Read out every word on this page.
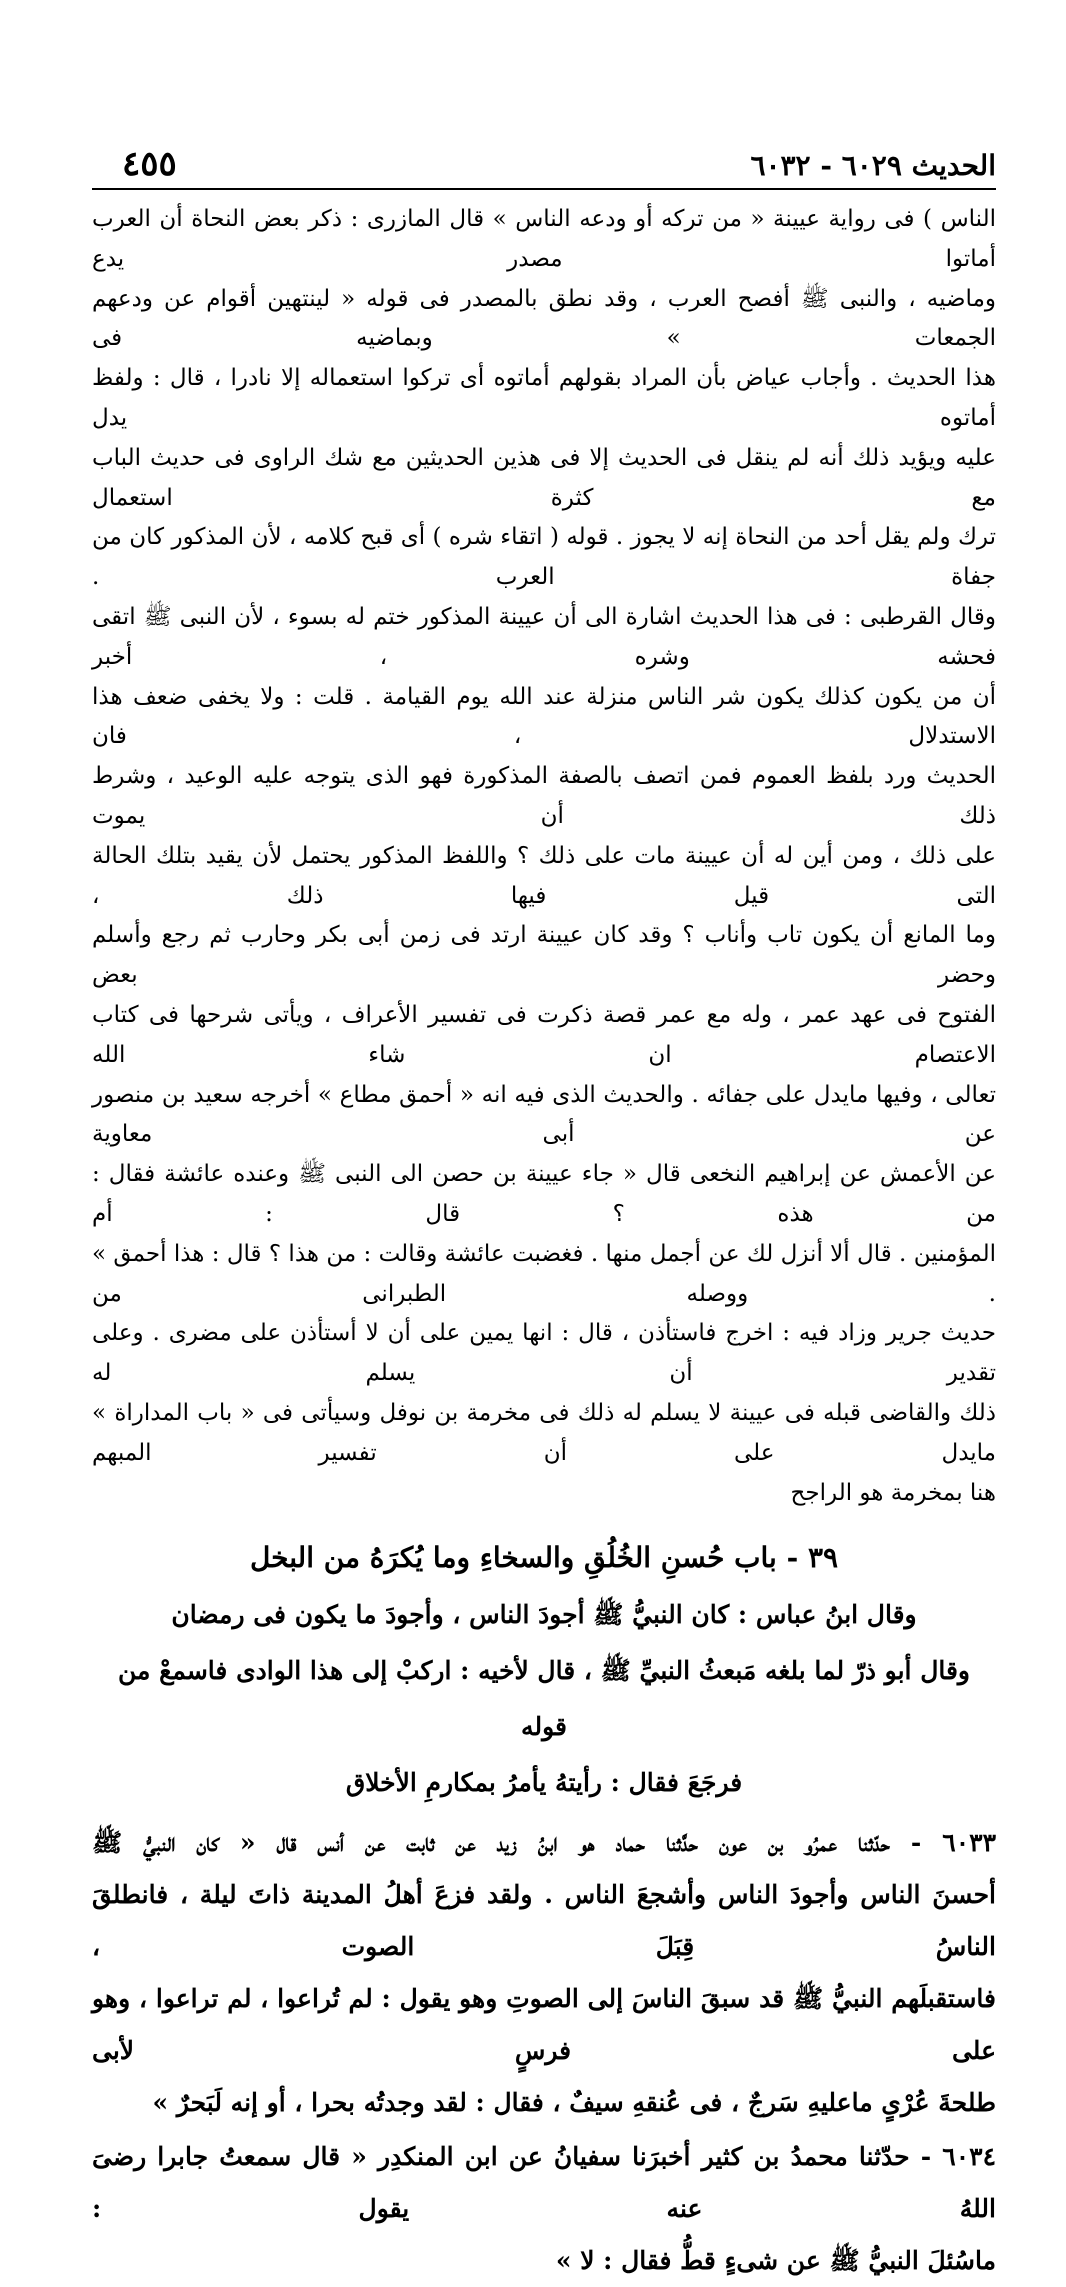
٤٥٥	الحديث ٦٠٢٩ - ٦٠٣٢

الناس ) فى رواية عيينة « من تركه أو ودعه الناس » قال المازرى : ذكر بعض النحاة أن العرب أماتوا مصدر يدع

وماضيه ، والنبى ﷺ أفصح العرب ، وقد نطق بالمصدر فى قوله « لينتهين أقوام عن ودعهم الجمعات » وبماضيه فى

هذا الحديث . وأجاب عياض بأن المراد بقولهم أماتوه أى تركوا استعماله إلا نادرا ، قال : ولفظ أماتوه يدل

عليه ويؤيد ذلك أنه لم ينقل فى الحديث إلا فى هذين الحديثين مع شك الراوى فى حديث الباب مع كثرة استعمال

ترك ولم يقل أحد من النحاة إنه لا يجوز . قوله ( اتقاء شره ) أى قبح كلامه ، لأن المذكور كان من جفاة العرب .

وقال القرطبى : فى هذا الحديث اشارة الى أن عيينة المذكور ختم له بسوء ، لأن النبى ﷺ اتقى فحشه وشره ، أخبر

أن من يكون كذلك يكون شر الناس منزلة عند الله يوم القيامة . قلت : ولا يخفى ضعف هذا الاستدلال ، فان

الحديث ورد بلفظ العموم فمن اتصف بالصفة المذكورة فهو الذى يتوجه عليه الوعيد ، وشرط ذلك أن يموت

على ذلك ، ومن أين له أن عيينة مات على ذلك ؟ واللفظ المذكور يحتمل لأن يقيد بتلك الحالة التى قيل فيها ذلك ،

وما المانع أن يكون تاب وأناب ؟ وقد كان عيينة ارتد فى زمن أبى بكر وحارب ثم رجع وأسلم وحضر بعض

الفتوح فى عهد عمر ، وله مع عمر قصة ذكرت فى تفسير الأعراف ، ويأتى شرحها فى كتاب الاعتصام ان شاء الله

تعالى ، وفيها مايدل على جفائه . والحديث الذى فيه انه « أحمق مطاع » أخرجه سعيد بن منصور عن أبى معاوية

عن الأعمش عن إبراهيم النخعى قال « جاء عيينة بن حصن الى النبى ﷺ وعنده عائشة فقال : من هذه ؟ قال : أم

المؤمنين . قال ألا أنزل لك عن أجمل منها . فغضبت عائشة وقالت : من هذا ؟ قال : هذا أحمق » . ووصله الطبرانى من

حديث جرير وزاد فيه : اخرج فاستأذن ، قال : انها يمين على أن لا أستأذن على مضرى . وعلى تقدير أن يسلم له

ذلك والقاضى قبله فى عيينة لا يسلم له ذلك فى مخرمة بن نوفل وسيأتى فى « باب المداراة » مايدل على أن تفسير المبهم

هنا بمخرمة هو الراجح

٣٩ - باب حُسنِ الخُلُقِ والسخاءِ وما يُكرَهُ من البخل

وقال ابنُ عباس : كان النبيُّ ﷺ أجودَ الناس ، وأجودَ ما يكون فى رمضان

وقال أبو ذرّ لما بلغه مَبعثُ النبيِّ ﷺ ، قال لأخيه : اركبْ إلى هذا الوادى فاسمعْ من قوله

فرجَعَ فقال : رأيتهُ يأمرُ بمكارمِ الأخلاق

٦٠٣٣ - حدّثنا عمرُو بن عون حدَّثنا حماد هو ابنُ زيد عن ثابت عن أنس قال « كان النبيُّ ﷺ

أحسنَ الناس وأجودَ الناس وأشجعَ الناس . ولقد فزعَ أهلُ المدينة ذاتَ ليلة ، فانطلقَ الناسُ قِبَلَ الصوت ،

فاستقبلَهم النبيُّ ﷺ قد سبقَ الناسَ إلى الصوتِ وهو يقول : لم تُراعوا ، لم تراعوا ، وهو على فرسٍ لأبى

طلحةَ عُرْىٍ ماعليهِ سَرجٌ ، فى عُنقهِ سيفٌ ، فقال : لقد وجدتُه بحرا ، أو إنه لَبَحرٌ »

٦٠٣٤ - حدّثنا محمدُ بن كثير أخبرَنا سفيانُ عن ابن المنكدِر « قال سمعتُ جابرا رضىَ اللهُ عنه يقول :

ماسُئلَ النبيُّ ﷺ عن شىءٍ قطُّ فقال : لا »
